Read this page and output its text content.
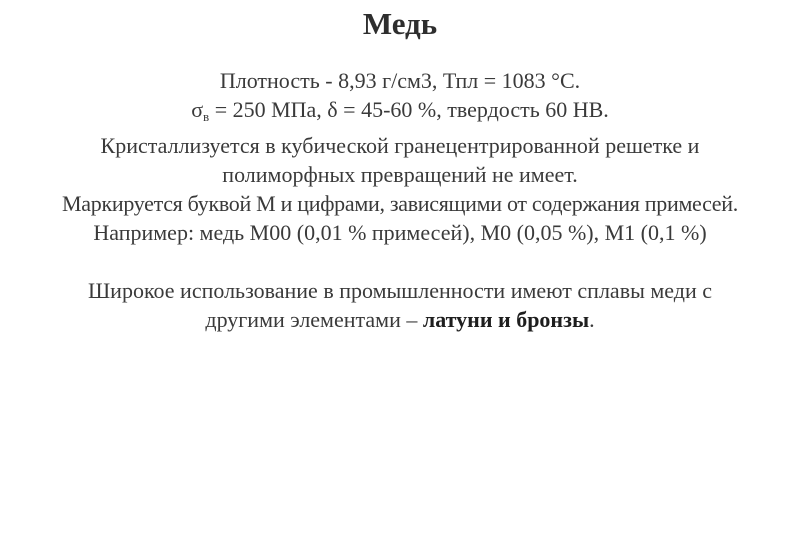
Медь
Плотность - 8,93 г/см3, Тпл = 1083 °С.
$\sigma_в = 250$ МПа, δ = 45-60 %, твердость 60 НВ.
Кристаллизуется в кубической гранецентрированной решетке и
полиморфных превращений не имеет.
Маркируется буквой М и цифрами, зависящими от содержания примесей.
Например: медь М00 (0,01 % примесей), М0 (0,05 %), М1 (0,1 %)
Широкое использование в промышленности имеют сплавы меди с
другими элементами – латуни и бронзы.
